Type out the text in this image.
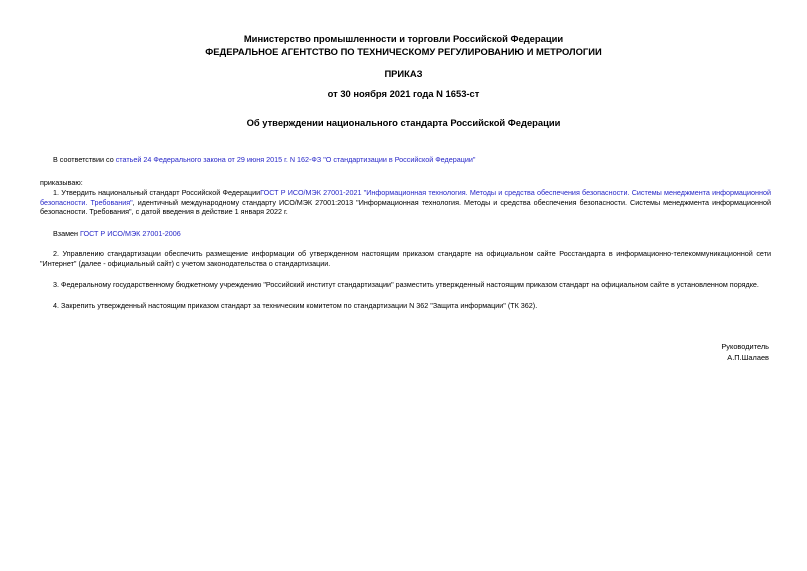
Министерство промышленности и торговли Российской Федерации
ФЕДЕРАЛЬНОЕ АГЕНТСТВО ПО ТЕХНИЧЕСКОМУ РЕГУЛИРОВАНИЮ И МЕТРОЛОГИИ
ПРИКАЗ
от 30 ноября 2021 года N 1653-ст
Об утверждении национального стандарта Российской Федерации
В соответствии со статьей 24 Федерального закона от 29 июня 2015 г. N 162-ФЗ "О стандартизации в Российской Федерации"
приказываю:
1. Утвердить национальный стандарт Российской ФедерацииГОСТ Р ИСО/МЭК 27001-2021 "Информационная технология. Методы и средства обеспечения безопасности. Системы менеджмента информационной безопасности. Требования", идентичный международному стандарту ИСО/МЭК 27001:2013 "Информационная технология. Методы и средства обеспечения безопасности. Системы менеджмента информационной безопасности. Требования", с датой введения в действие 1 января 2022 г.
Взамен ГОСТ Р ИСО/МЭК 27001-2006
2. Управлению стандартизации обеспечить размещение информации об утвержденном настоящим приказом стандарте на официальном сайте Росстандарта в информационно-телекоммуникационной сети "Интернет" (далее - официальный сайт) с учетом законодательства о стандартизации.
3. Федеральному государственному бюджетному учреждению "Российский институт стандартизации" разместить утвержденный настоящим приказом стандарт на официальном сайте в установленном порядке.
4. Закрепить утвержденный настоящим приказом стандарт за техническим комитетом по стандартизации N 362 "Защита информации" (ТК 362).
Руководитель
А.П.Шалаев
